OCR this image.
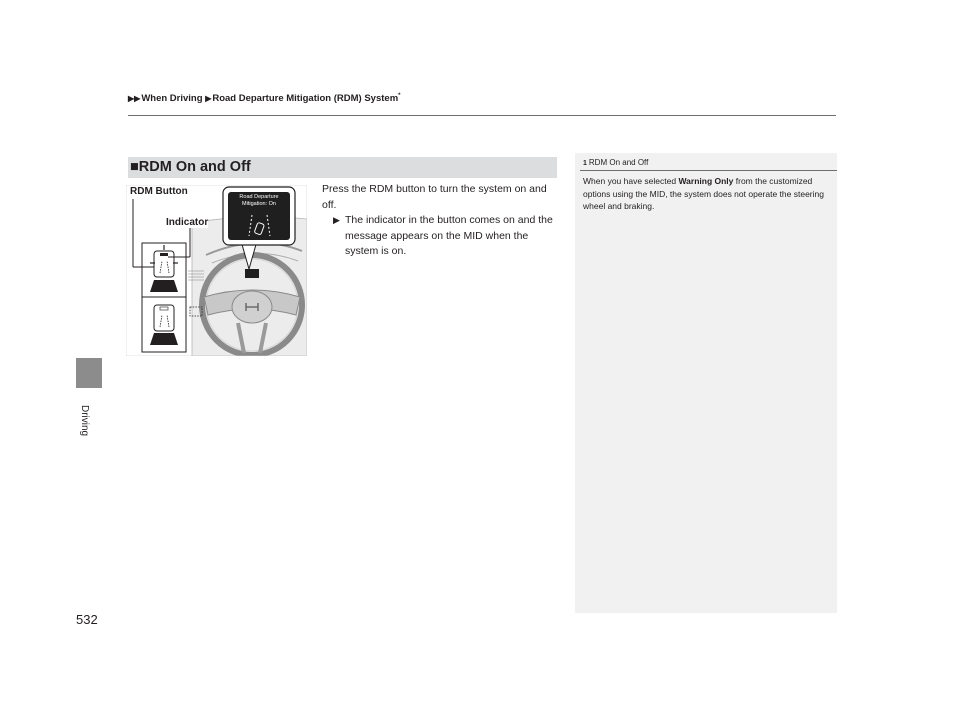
▶▶When Driving ▶Road Departure Mitigation (RDM) System*
Driving
532
■RDM On and Off
Press the RDM button to turn the system on and off.
▶ The indicator in the button comes on and the message appears on the MID when the system is on.
RDM Button
Indicator
Road Departure Mitigation: On
1 RDM On and Off
When you have selected Warning Only from the customized options using the MID, the system does not operate the steering wheel and braking.
